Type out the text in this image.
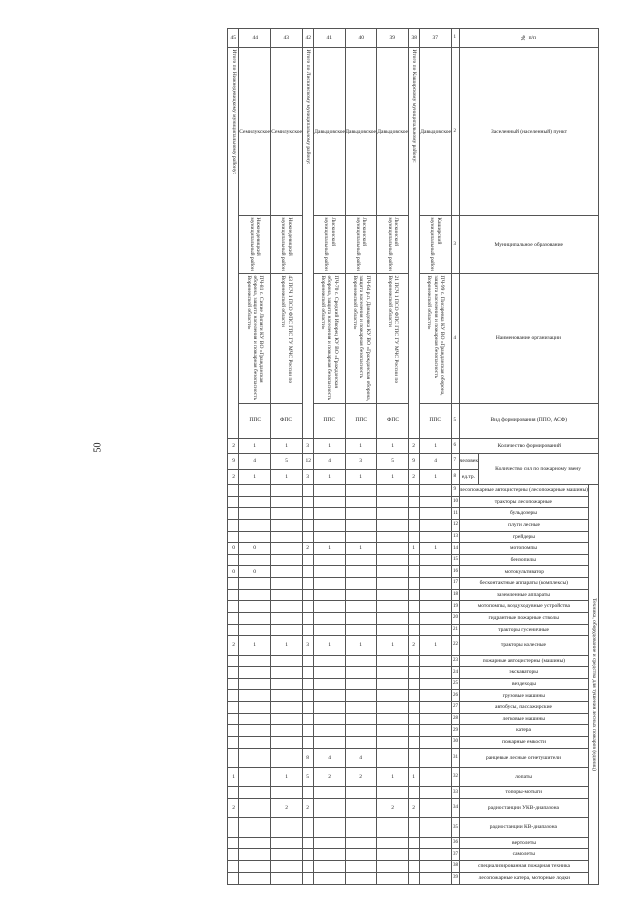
50
№ п/п	Заселенный (населенный) пункт	Муниципальное образование	Наименование организации	Вид формирования (ППО, АСФ)	Количество формирований	Количество сил по пожарному звену		Техника, оборудование и средства для тушения лесных пожаров (единиц)																														

								лесопожарные автоцистерны (лесопожарные машины)	тракторы лесопожарные	бульдозеры	плуги лесные	грейдеры	мотопомпы	бензопилы	мотокультиватор	бесконтактные аппараты (комплексы)	заземленные аппараты	мотопомпы, воздуходувные устройства	гидрантные пожарные стволы	тракторы гусеничные	тракторы колесные	пожарные автоцистерны (машины)	экскаваторы	вездеходы	грузовые машины	автобусы, пассажирские	легковые машины	катера	пожарные емкости	ранцевые лесные огнетушители	лопаты	топоры-мотыги	радиостанции УКВ-диапазона	радиостанции КВ-диапазона	вертолеты	самолеты	специализированная пожарная техника	лесопожарные катера, моторные лодки

						человек	ед.тр.																															

1	2	3	4	5	6	7	8	9	10	11	12	13	14	15	16	17	18	19	20	21	22	23	24	25	26	27	28	29	30	31	32	33	34	35	36	37	38	39

37	Давыдовское	Каширский муниципальный район	ПЧ-99 с. Писаревка КУ ВО «Гражданская оборона, защита населения и пожарная безопасность Воронежской области»	ППС	1	4	1						1								1																	

38	Итого по Каширскому муниципальному району:				2	9	2						1								2										1		2					

39	Давыдовское	Лискинский муниципальный район	21 ПСЧ 1 ПСО ФПС ГПС ГУ МЧС России по Воронежской области	ФПС	1	5	1														1										1		2					

40	Давыдовское	Лискинский муниципальный район	ПЧ-64 р.п. Давыдовка КУ ВО «Гражданская оборона, защита населения и пожарная безопасность Воронежской области»	ППС	1	3	1						1								1									4	2							

41	Давыдовское	Лискинский муниципальный район	ПЧ-70 с. Средний Икорец КУ ВО «Гражданская оборона, защита населения и пожарная безопасность Воронежской области»	ППС	1	4	1						1								1									4	2							

42	Итого по Лискинскому муниципальному району:				3	12	3						2								3									8	5		2					

43	Семилукское	Нижнедевицкий муниципальный район	43 ПСЧ 1 ПСО ФПС ГПС ГУ МЧС России по Воронежской области	ФПС	1	5	1														1										1		2					

44	Семилукское	Нижнедевицкий муниципальный район	ПЧ-81 с. Синие Липяги КУ ВО «Гражданская оборона, защита населения и пожарная безопасность Воронежской области»	ППС	1	4	1						0		0						1																	

45	Итого по Нижнедевицкому муниципальному району:				2	9	2						0		0						2										1		2					
